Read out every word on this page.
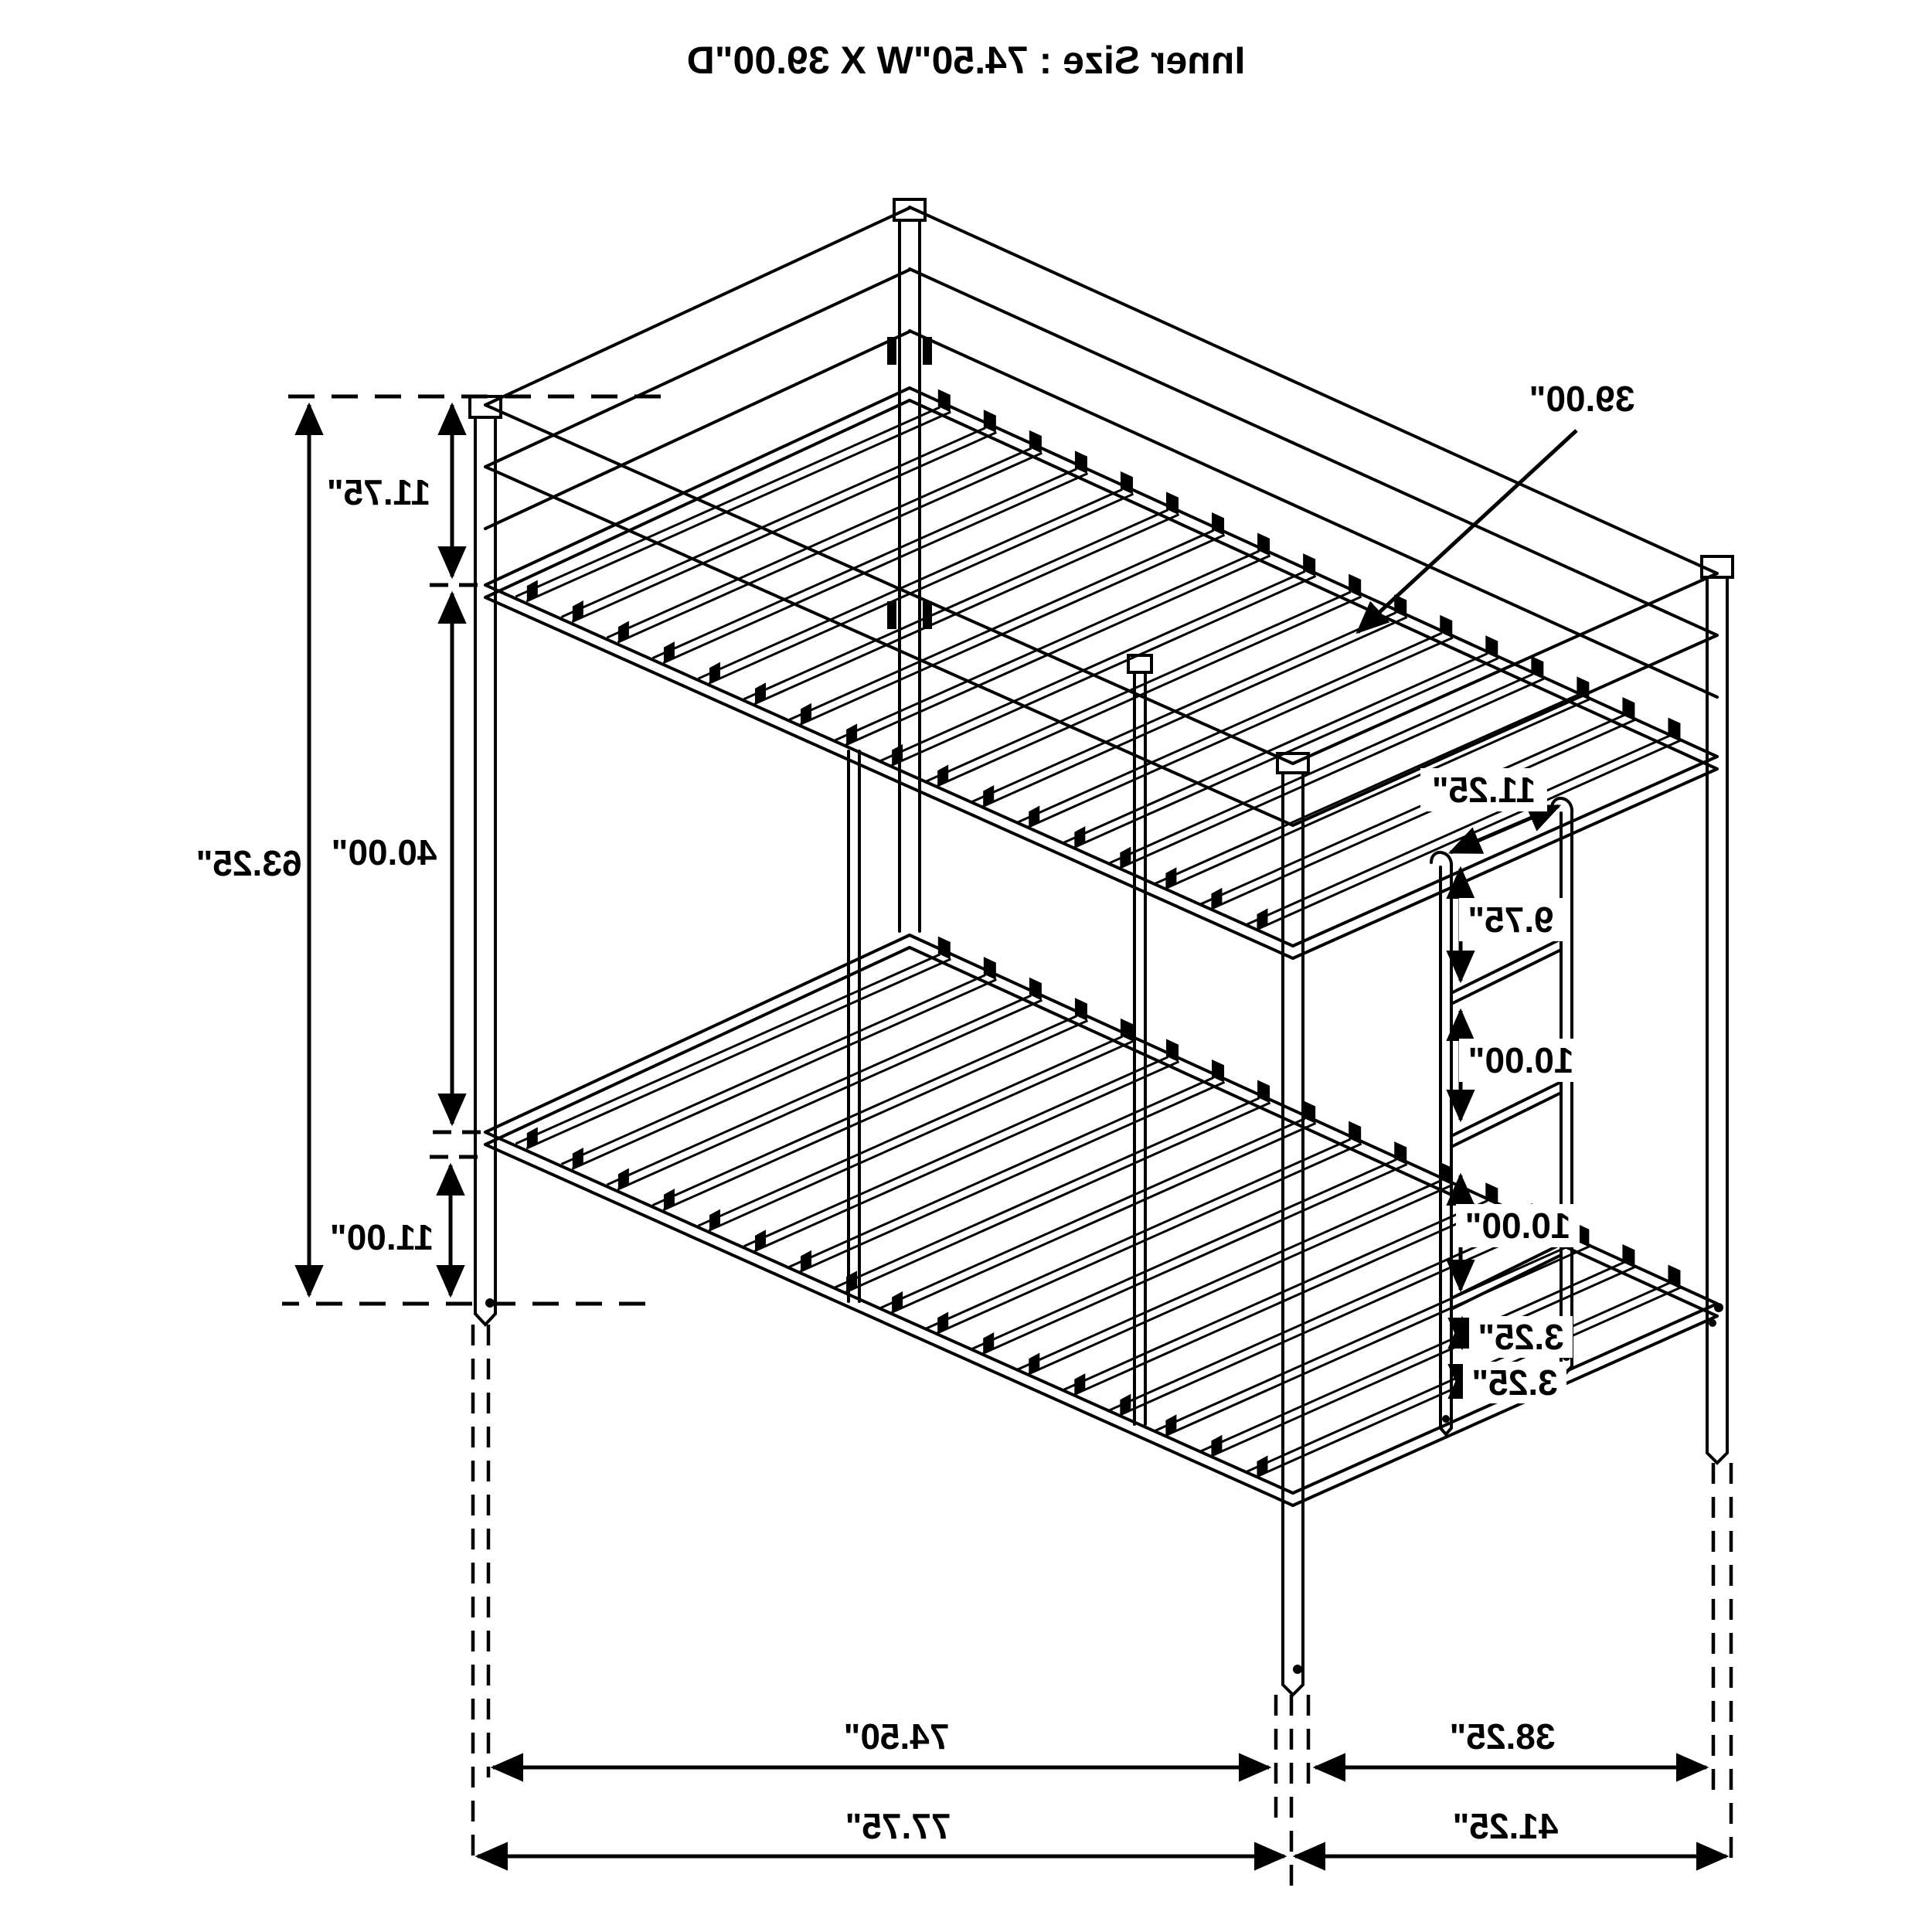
Inner Size : 74.50"W X 39.00"D
39.00"
11.75"
40.00"
11.00"
63.25"
11.25"
9.75"
10.00"
10.00"
3.25"
3.25"
74.50"	38.25"
77.75"	41.25"
